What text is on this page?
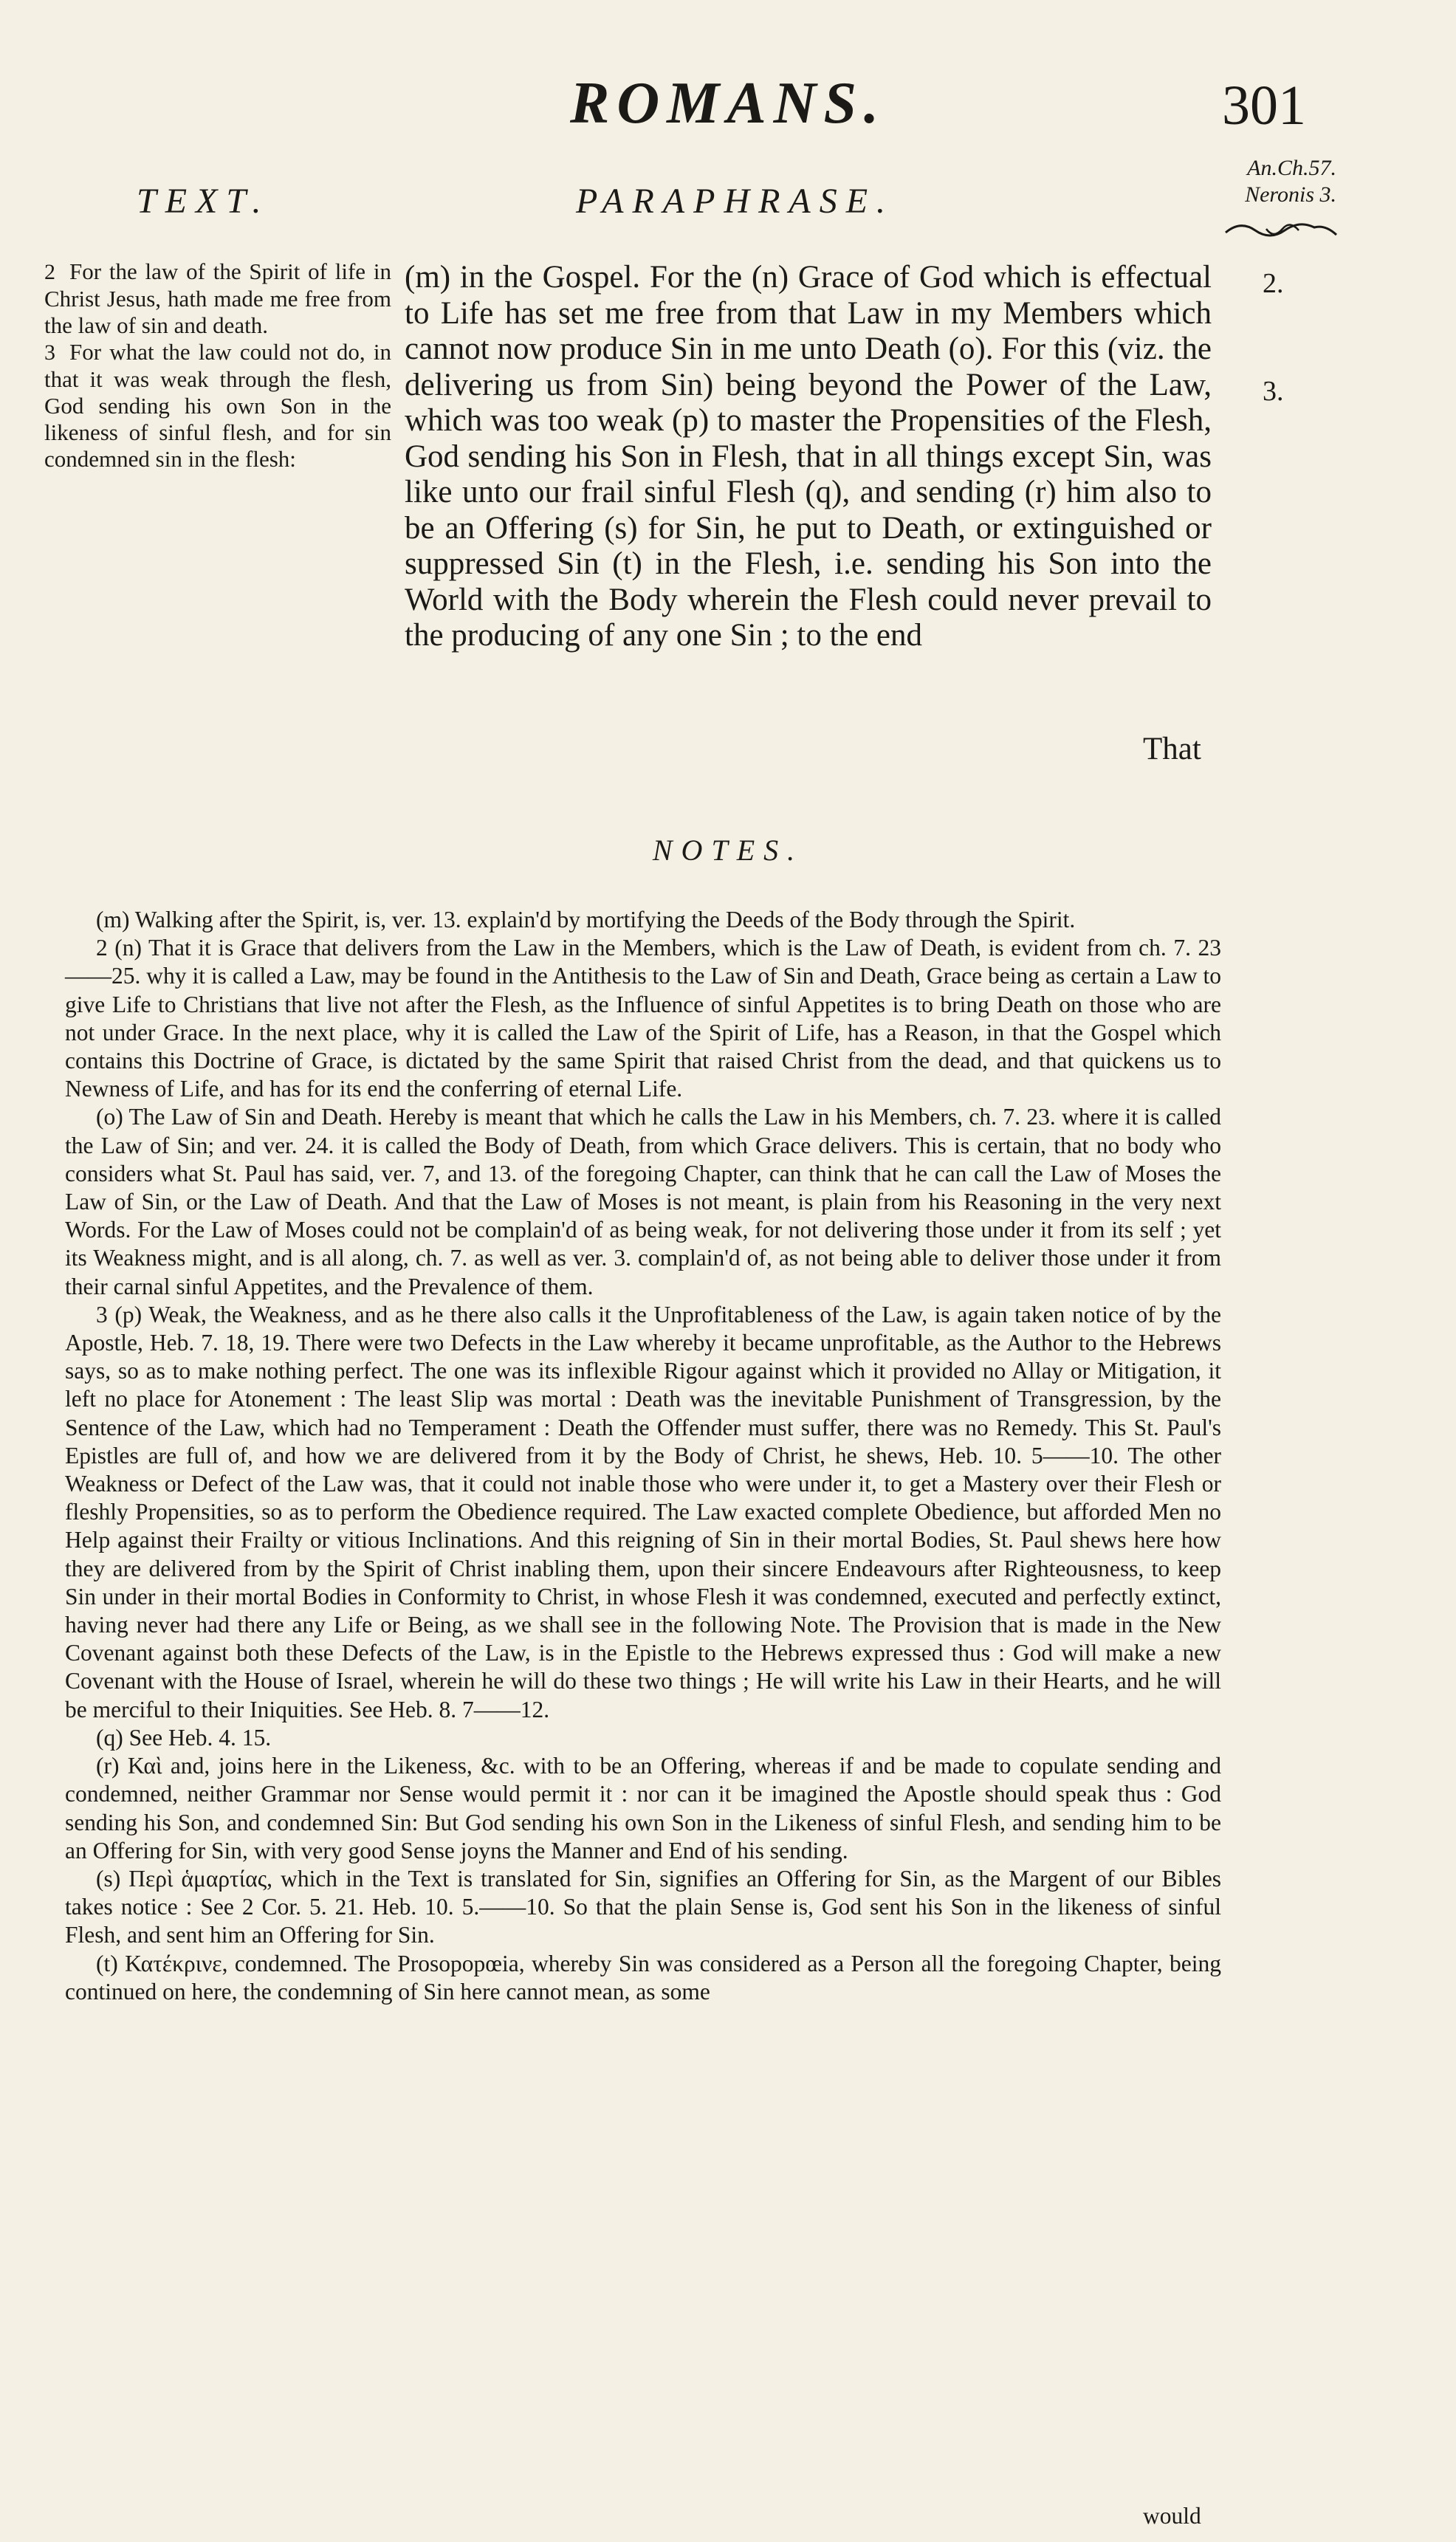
ROMANS.	301
An.Ch.57.
Neronis 3.
TEXT.	PARAPHRASE.

2 For the law of the Spirit of life in Christ Jesus, hath made me free from the law of sin and death.

3 For what the law could not do, in that it was weak through the flesh, God sending his own Son in the likeness of sinful flesh, and for sin condemned sin in the flesh:

(m) in the Gospel. For the (n) Grace of God which is effectual to Life has set me free from that Law in my Members which cannot now produce Sin in me unto Death (o). For this (viz. the delivering us from Sin) being beyond the Power of the Law, which was too weak (p) to master the Propensities of the Flesh, God sending his Son in Flesh, that in all things except Sin, was like unto our frail sinful Flesh (q), and sending (r) him also to be an Offering (s) for Sin, he put to Death, or extinguished or suppressed Sin (t) in the Flesh, i.e. sending his Son into the World with the Body wherein the Flesh could never prevail to the producing of any one Sin ; to the end

That
2.
3.
NOTES.

(m) Walking after the Spirit, is, ver. 13. explain'd by mortifying the Deeds of the Body through the Spirit.

2 (n) That it is Grace that delivers from the Law in the Members, which is the Law of Death, is evident from ch. 7. 23——25. why it is called a Law, may be found in the Antithesis to the Law of Sin and Death, Grace being as certain a Law to give Life to Christians that live not after the Flesh, as the Influence of sinful Appetites is to bring Death on those who are not under Grace. In the next place, why it is called the Law of the Spirit of Life, has a Reason, in that the Gospel which contains this Doctrine of Grace, is dictated by the same Spirit that raised Christ from the dead, and that quickens us to Newness of Life, and has for its end the conferring of eternal Life.

(o) The Law of Sin and Death. Hereby is meant that which he calls the Law in his Members, ch. 7. 23. where it is called the Law of Sin; and ver. 24. it is called the Body of Death, from which Grace delivers. This is certain, that no body who considers what St. Paul has said, ver. 7, and 13. of the foregoing Chapter, can think that he can call the Law of Moses the Law of Sin, or the Law of Death. And that the Law of Moses is not meant, is plain from his Reasoning in the very next Words. For the Law of Moses could not be complain'd of as being weak, for not delivering those under it from its self ; yet its Weakness might, and is all along, ch. 7. as well as ver. 3. complain'd of, as not being able to deliver those under it from their carnal sinful Appetites, and the Prevalence of them.

3 (p) Weak, the Weakness, and as he there also calls it the Unprofitableness of the Law, is again taken notice of by the Apostle, Heb. 7. 18, 19. There were two Defects in the Law whereby it became unprofitable, as the Author to the Hebrews says, so as to make nothing perfect. The one was its inflexible Rigour against which it provided no Allay or Mitigation, it left no place for Atonement : The least Slip was mortal : Death was the inevitable Punishment of Transgression, by the Sentence of the Law, which had no Temperament : Death the Offender must suffer, there was no Remedy. This St. Paul's Epistles are full of, and how we are delivered from it by the Body of Christ, he shews, Heb. 10. 5——10. The other Weakness or Defect of the Law was, that it could not inable those who were under it, to get a Mastery over their Flesh or fleshly Propensities, so as to perform the Obedience required. The Law exacted complete Obedience, but afforded Men no Help against their Frailty or vitious Inclinations. And this reigning of Sin in their mortal Bodies, St. Paul shews here how they are delivered from by the Spirit of Christ inabling them, upon their sincere Endeavours after Righteousness, to keep Sin under in their mortal Bodies in Conformity to Christ, in whose Flesh it was condemned, executed and perfectly extinct, having never had there any Life or Being, as we shall see in the following Note. The Provision that is made in the New Covenant against both these Defects of the Law, is in the Epistle to the Hebrews expressed thus : God will make a new Covenant with the House of Israel, wherein he will do these two things ; He will write his Law in their Hearts, and he will be merciful to their Iniquities. See Heb. 8. 7——12.

(q) See Heb. 4. 15.

(r) Καὶ and, joins here in the Likeness, &c. with to be an Offering, whereas if and be made to copulate sending and condemned, neither Grammar nor Sense would permit it : nor can it be imagined the Apostle should speak thus : God sending his Son, and condemned Sin: But God sending his own Son in the Likeness of sinful Flesh, and sending him to be an Offering for Sin, with very good Sense joyns the Manner and End of his sending.

(s) Περὶ ἁμαρτίας, which in the Text is translated for Sin, signifies an Offering for Sin, as the Margent of our Bibles takes notice : See 2 Cor. 5. 21. Heb. 10. 5.——10. So that the plain Sense is, God sent his Son in the likeness of sinful Flesh, and sent him an Offering for Sin.

(t) Κατέκρινε, condemned. The Prosopopœia, whereby Sin was considered as a Person all the foregoing Chapter, being continued on here, the condemning of Sin here cannot mean, as some

would
